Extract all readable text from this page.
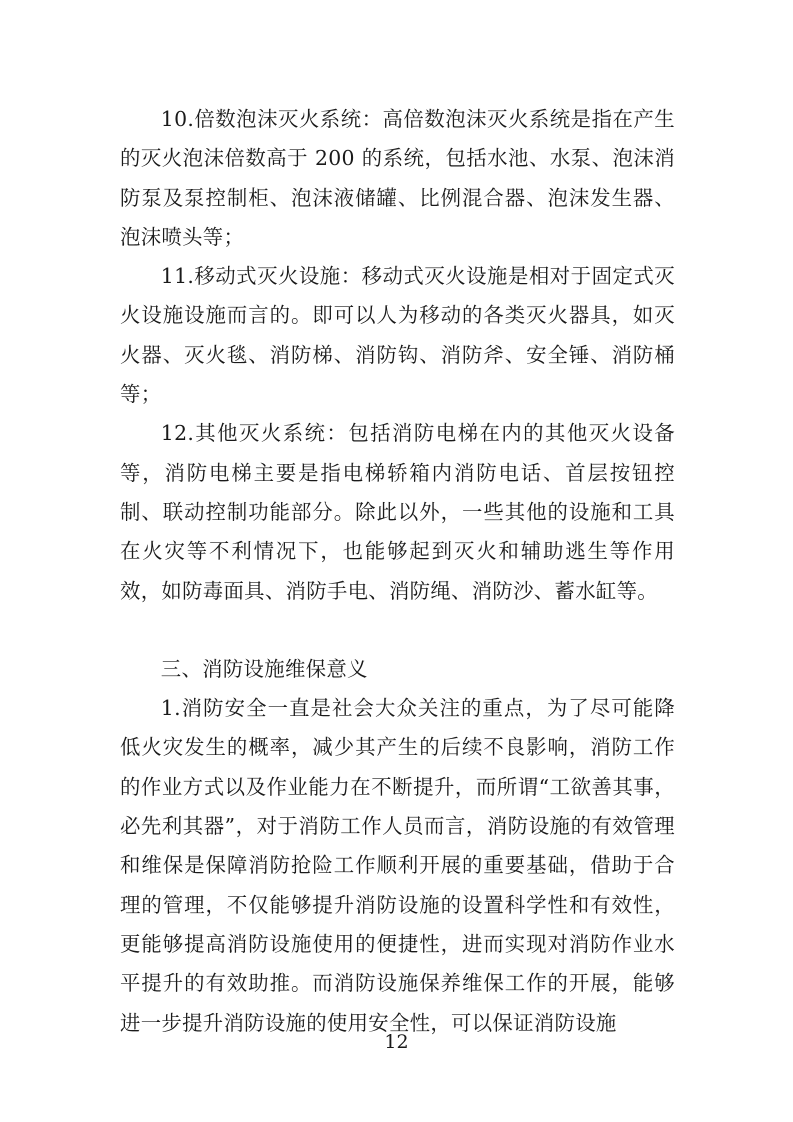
10.倍数泡沫灭火系统：高倍数泡沫灭火系统是指在产生的灭火泡沫倍数高于 200 的系统，包括水池、水泵、泡沫消防泵及泵控制柜、泡沫液储罐、比例混合器、泡沫发生器、泡沫喷头等；

11.移动式灭火设施：移动式灭火设施是相对于固定式灭火设施设施而言的。即可以人为移动的各类灭火器具，如灭火器、灭火毯、消防梯、消防钩、消防斧、安全锤、消防桶等；

12.其他灭火系统：包括消防电梯在内的其他灭火设备等，消防电梯主要是指电梯轿箱内消防电话、首层按钮控制、联动控制功能部分。除此以外，一些其他的设施和工具在火灾等不利情况下，也能够起到灭火和辅助逃生等作用效，如防毒面具、消防手电、消防绳、消防沙、蓄水缸等。

三、消防设施维保意义

1.消防安全一直是社会大众关注的重点，为了尽可能降低火灾发生的概率，减少其产生的后续不良影响，消防工作的作业方式以及作业能力在不断提升，而所谓“工欲善其事，必先利其器”，对于消防工作人员而言，消防设施的有效管理和维保是保障消防抢险工作顺利开展的重要基础，借助于合理的管理，不仅能够提升消防设施的设置科学性和有效性，更能够提高消防设施使用的便捷性，进而实现对消防作业水平提升的有效助推。而消防设施保养维保工作的开展，能够进一步提升消防设施的使用安全性，可以保证消防设施

12
